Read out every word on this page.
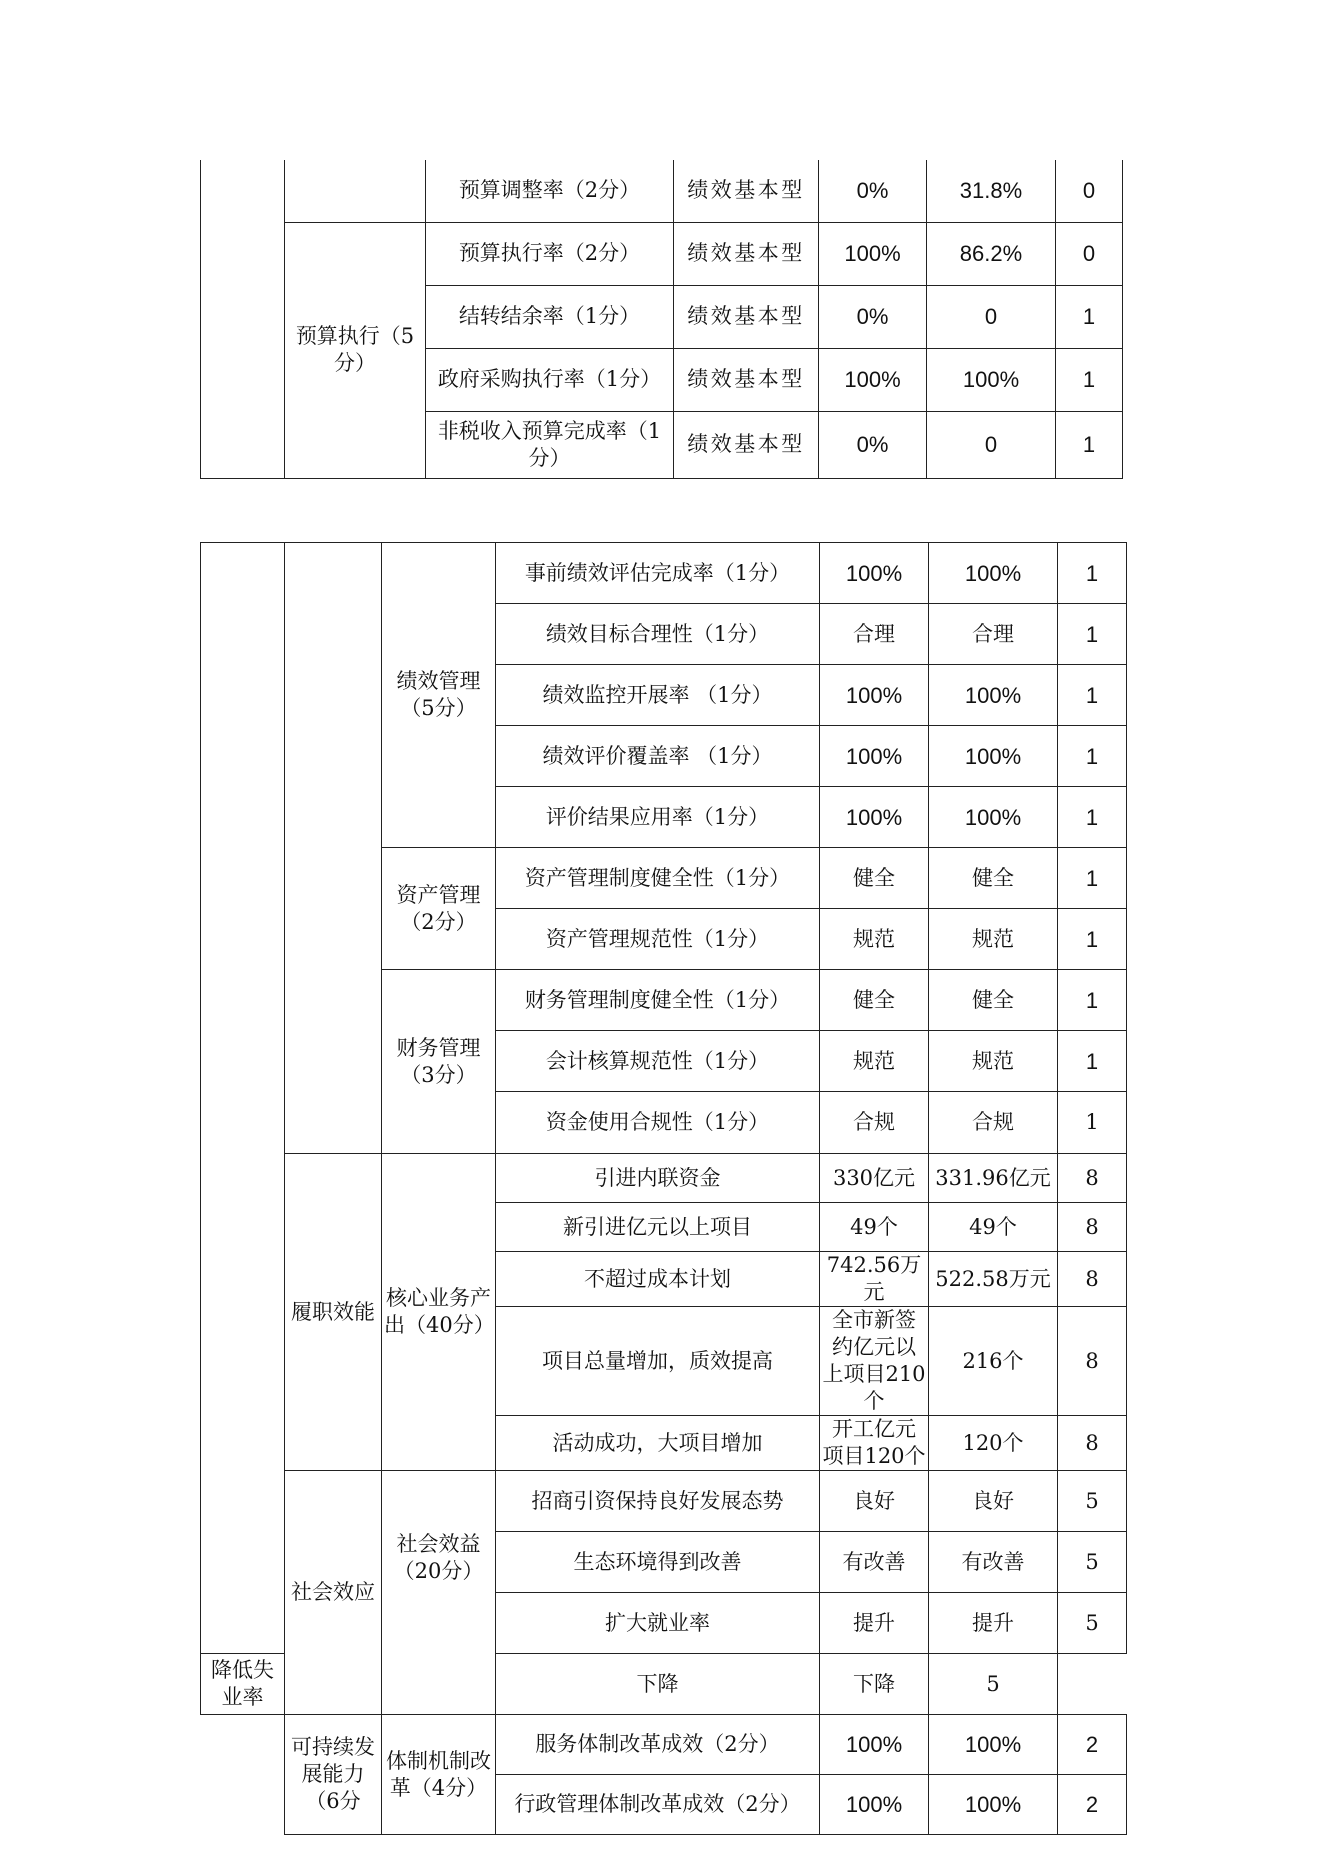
		预算调整率（2分）	绩效基本型	0%	31.8%	0
	预算执行（5分）	预算执行率（2分）	绩效基本型	100%	86.2%	0
		结转结余率（1分）	绩效基本型	0%	0	1
		政府采购执行率（1分）	绩效基本型	100%	100%	1
		非税收入预算完成率（1分）	绩效基本型	0%	0	1
		绩效管理（5分）	事前绩效评估完成率（1分）	100%	100%	1
			绩效目标合理性（1分）	合理	合理	1
			绩效监控开展率 （1分）	100%	100%	1
			绩效评价覆盖率 （1分）	100%	100%	1
			评价结果应用率（1分）	100%	100%	1
		资产管理（2分）	资产管理制度健全性（1分）	健全	健全	1
			资产管理规范性（1分）	规范	规范	1
		财务管理（3分）	财务管理制度健全性（1分）	健全	健全	1
			会计核算规范性（1分）	规范	规范	1
			资金使用合规性（1分）	合规	合规	1
	履职效能	核心业务产出（40分）	引进内联资金	330亿元	331.96亿元	8
			新引进亿元以上项目	49个	49个	8
			不超过成本计划	742.56万元	522.58万元	8
			项目总量增加，质效提高	全市新签约亿元以上项目210个	216个	8
			活动成功，大项目增加	开工亿元项目120个	120个	8
	社会效应	社会效益（20分）	招商引资保持良好发展态势	良好	良好	5
			生态环境得到改善	有改善	有改善	5
			扩大就业率	提升	提升	5
降低失业率			下降	下降	5	
	可持续发展能力（6分	体制机制改革（4分）	服务体制改革成效（2分）	100%	100%	2
			行政管理体制改革成效（2分）	100%	100%	2
